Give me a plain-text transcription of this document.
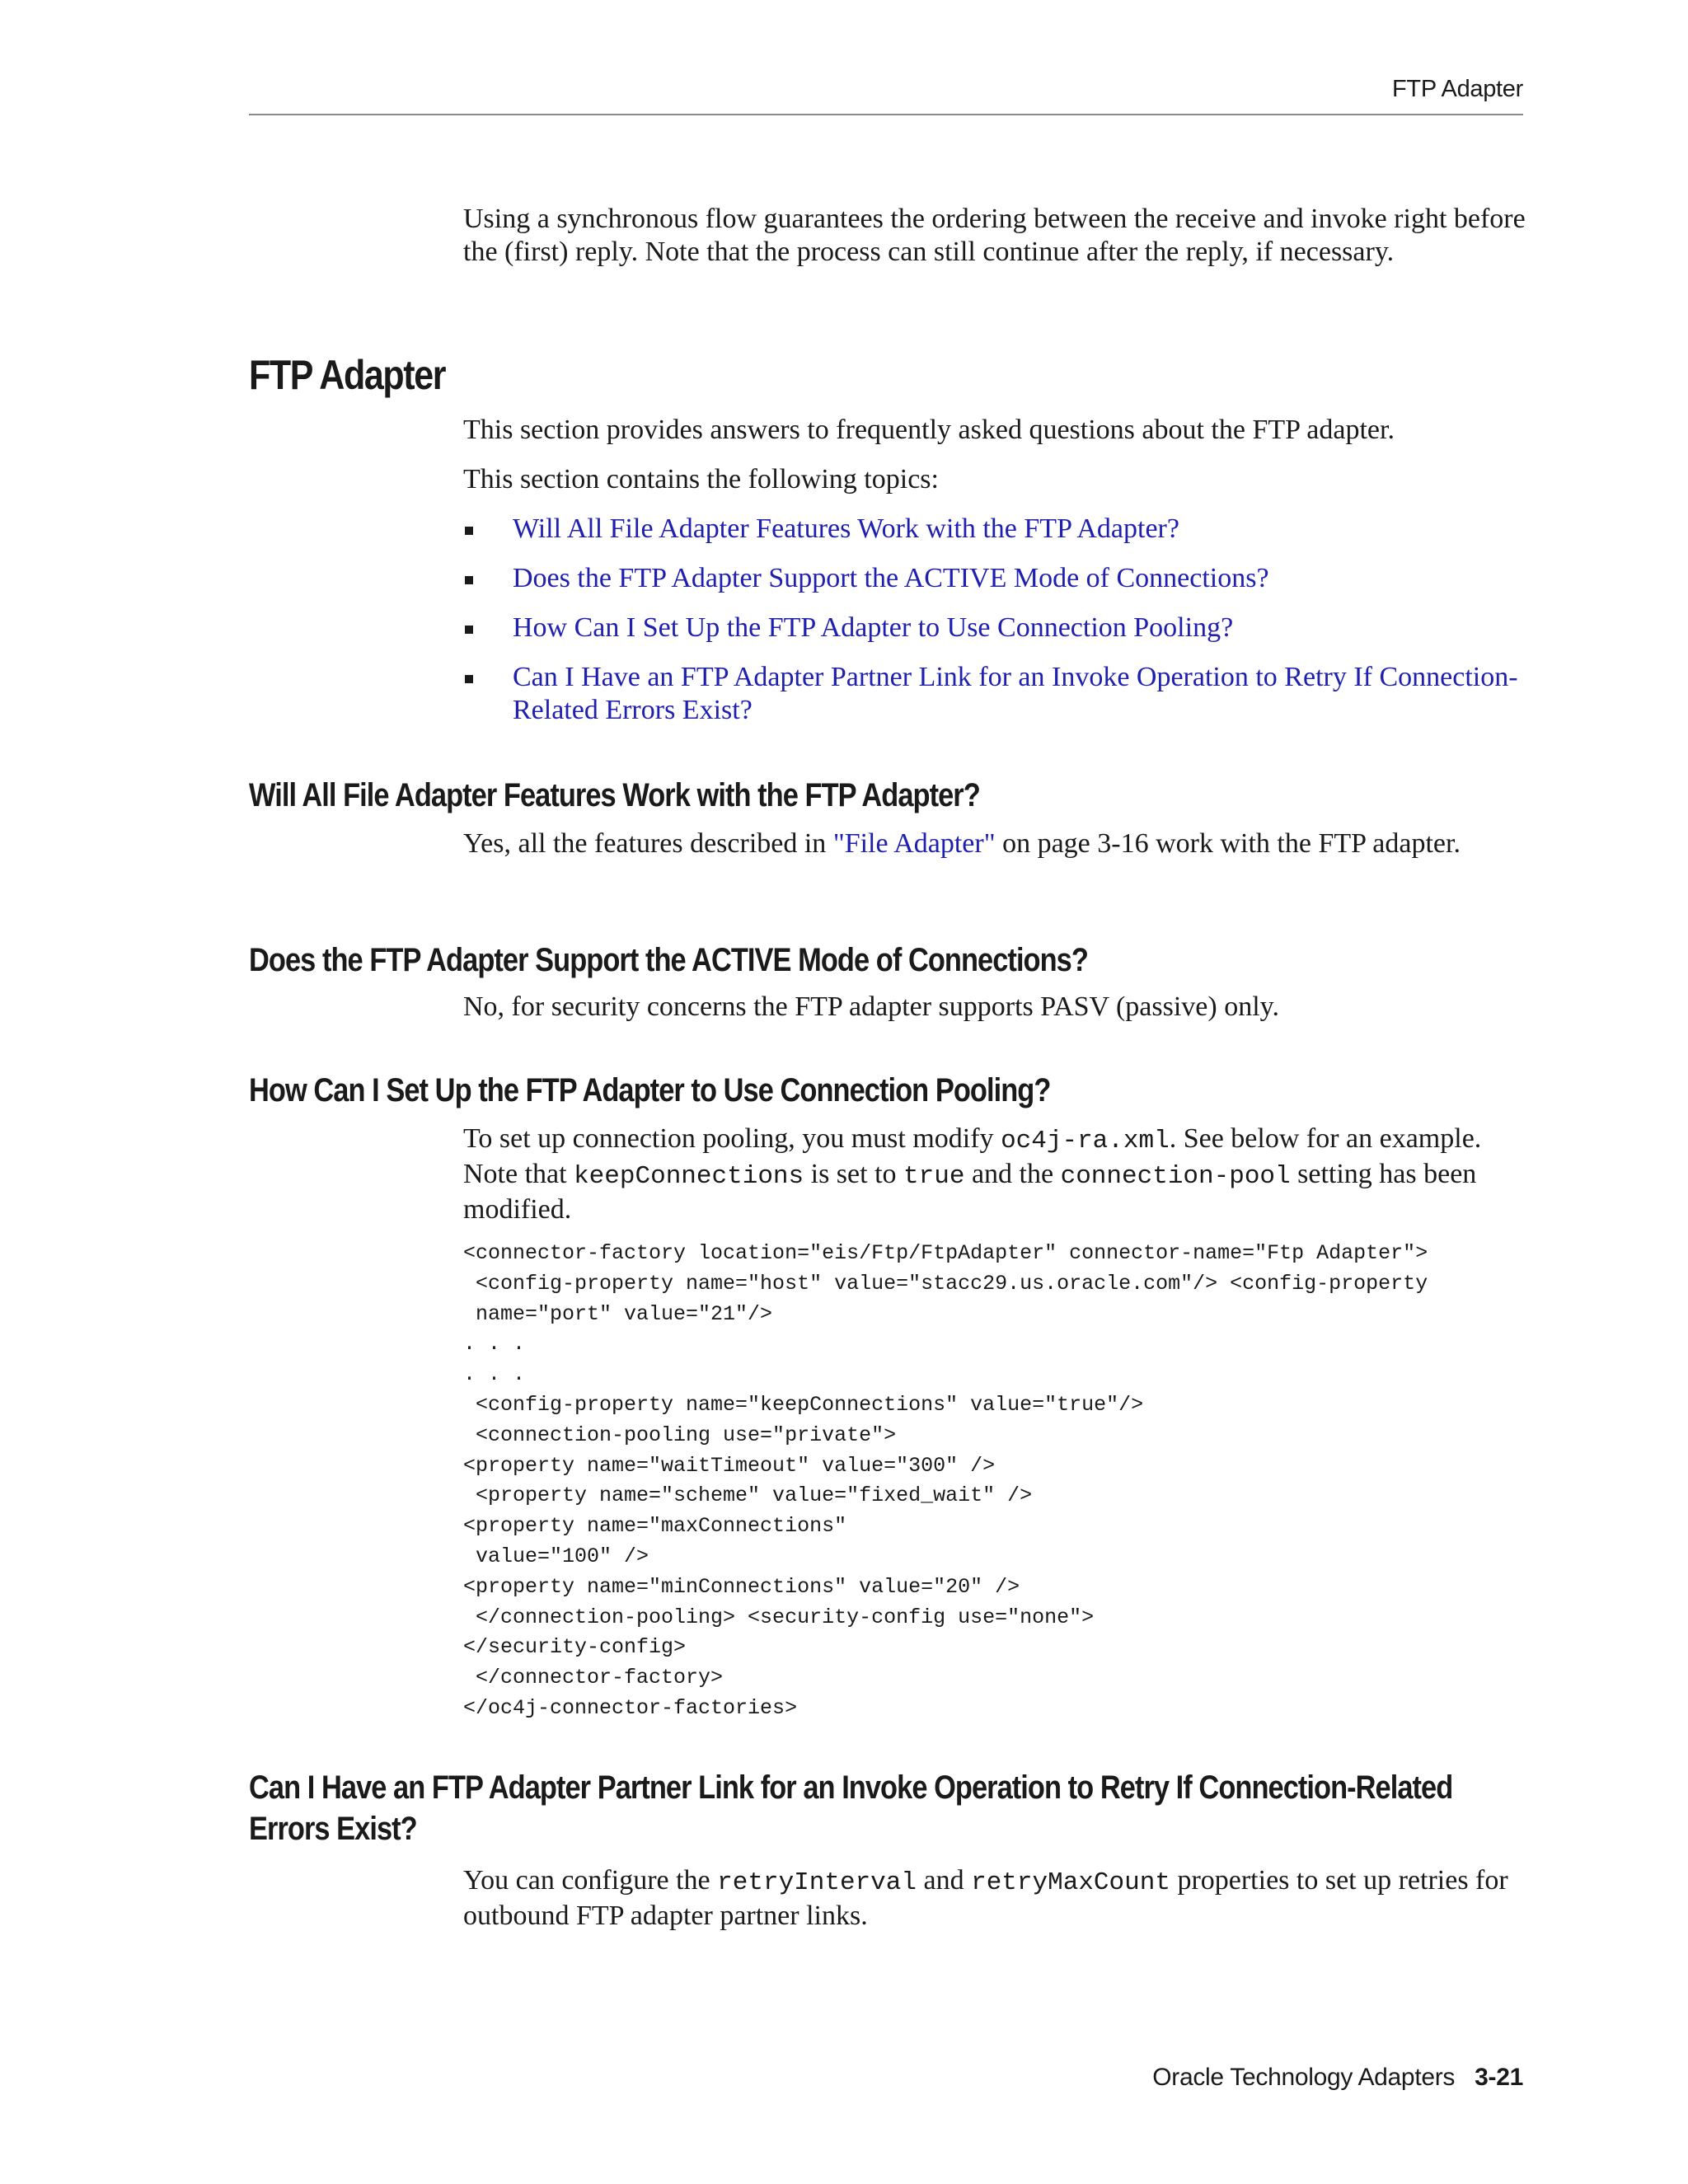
FTP Adapter

Using a synchronous flow guarantees the ordering between the receive and invoke right before the (first) reply. Note that the process can still continue after the reply, if necessary.

FTP Adapter

This section provides answers to frequently asked questions about the FTP adapter.

This section contains the following topics:

Will All File Adapter Features Work with the FTP Adapter?
Does the FTP Adapter Support the ACTIVE Mode of Connections?
How Can I Set Up the FTP Adapter to Use Connection Pooling?
Can I Have an FTP Adapter Partner Link for an Invoke Operation to Retry If Connection-Related Errors Exist?
Will All File Adapter Features Work with the FTP Adapter?

Yes, all the features described in "File Adapter" on page 3-16 work with the FTP adapter.

Does the FTP Adapter Support the ACTIVE Mode of Connections?

No, for security concerns the FTP adapter supports PASV (passive) only.

How Can I Set Up the FTP Adapter to Use Connection Pooling?

To set up connection pooling, you must modify oc4j-ra.xml. See below for an example. Note that keepConnections is set to true and the connection-pool setting has been modified.

<connector-factory location="eis/Ftp/FtpAdapter" connector-name="Ftp Adapter">
<config-property name="host" value="stacc29.us.oracle.com"/> <config-property
name="port" value="21"/>
. . .
. . .
<config-property name="keepConnections" value="true"/>
<connection-pooling use="private">
<property name="waitTimeout" value="300" />
<property name="scheme" value="fixed_wait" />
<property name="maxConnections"
value="100" />
<property name="minConnections" value="20" />
</connection-pooling> <security-config use="none">
</security-config>
</connector-factory>
</oc4j-connector-factories>
Can I Have an FTP Adapter Partner Link for an Invoke Operation to Retry If Connection-Related Errors Exist?

You can configure the retryInterval and retryMaxCount properties to set up retries for outbound FTP adapter partner links.

Oracle Technology Adapters 3-21
